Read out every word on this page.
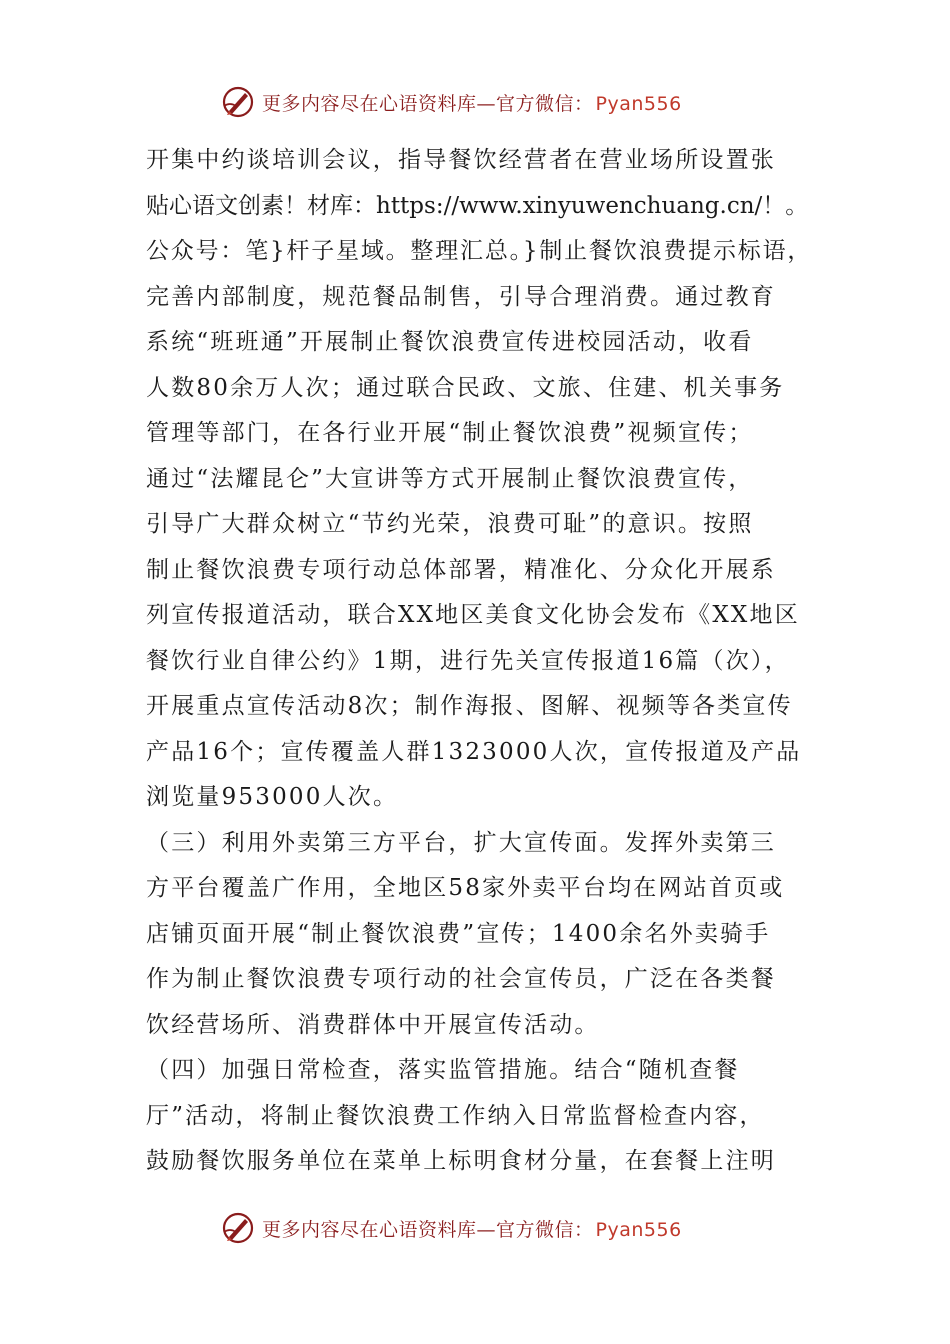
更多内容尽在心语资料库—官方微信： Pyan556
开集中约谈培训会议，指导餐饮经营者在营业场所设置张
贴心语文创素！材库：https://www.xinyuwenchuang.cn/！。
公众号：笔}杆子星域。整理汇总。}制止餐饮浪费提示标语，
完善内部制度，规范餐品制售，引导合理消费。通过教育
系统“班班通”开展制止餐饮浪费宣传进校园活动，收看
人数80余万人次；通过联合民政、文旅、住建、机关事务
管理等部门，在各行业开展“制止餐饮浪费”视频宣传；
通过“法耀昆仑”大宣讲等方式开展制止餐饮浪费宣传，
引导广大群众树立“节约光荣，浪费可耻”的意识。按照
制止餐饮浪费专项行动总体部署，精准化、分众化开展系
列宣传报道活动，联合XX地区美食文化协会发布《XX地区
餐饮行业自律公约》1期，进行先关宣传报道16篇（次），
开展重点宣传活动8次；制作海报、图解、视频等各类宣传
产品16个；宣传覆盖人群1323000人次，宣传报道及产品
浏览量953000人次。
（三）利用外卖第三方平台，扩大宣传面。发挥外卖第三
方平台覆盖广作用，全地区58家外卖平台均在网站首页或
店铺页面开展“制止餐饮浪费”宣传；1400余名外卖骑手
作为制止餐饮浪费专项行动的社会宣传员，广泛在各类餐
饮经营场所、消费群体中开展宣传活动。
（四）加强日常检查，落实监管措施。结合“随机查餐
厅”活动，将制止餐饮浪费工作纳入日常监督检查内容，
鼓励餐饮服务单位在菜单上标明食材分量，在套餐上注明
更多内容尽在心语资料库—官方微信： Pyan556
